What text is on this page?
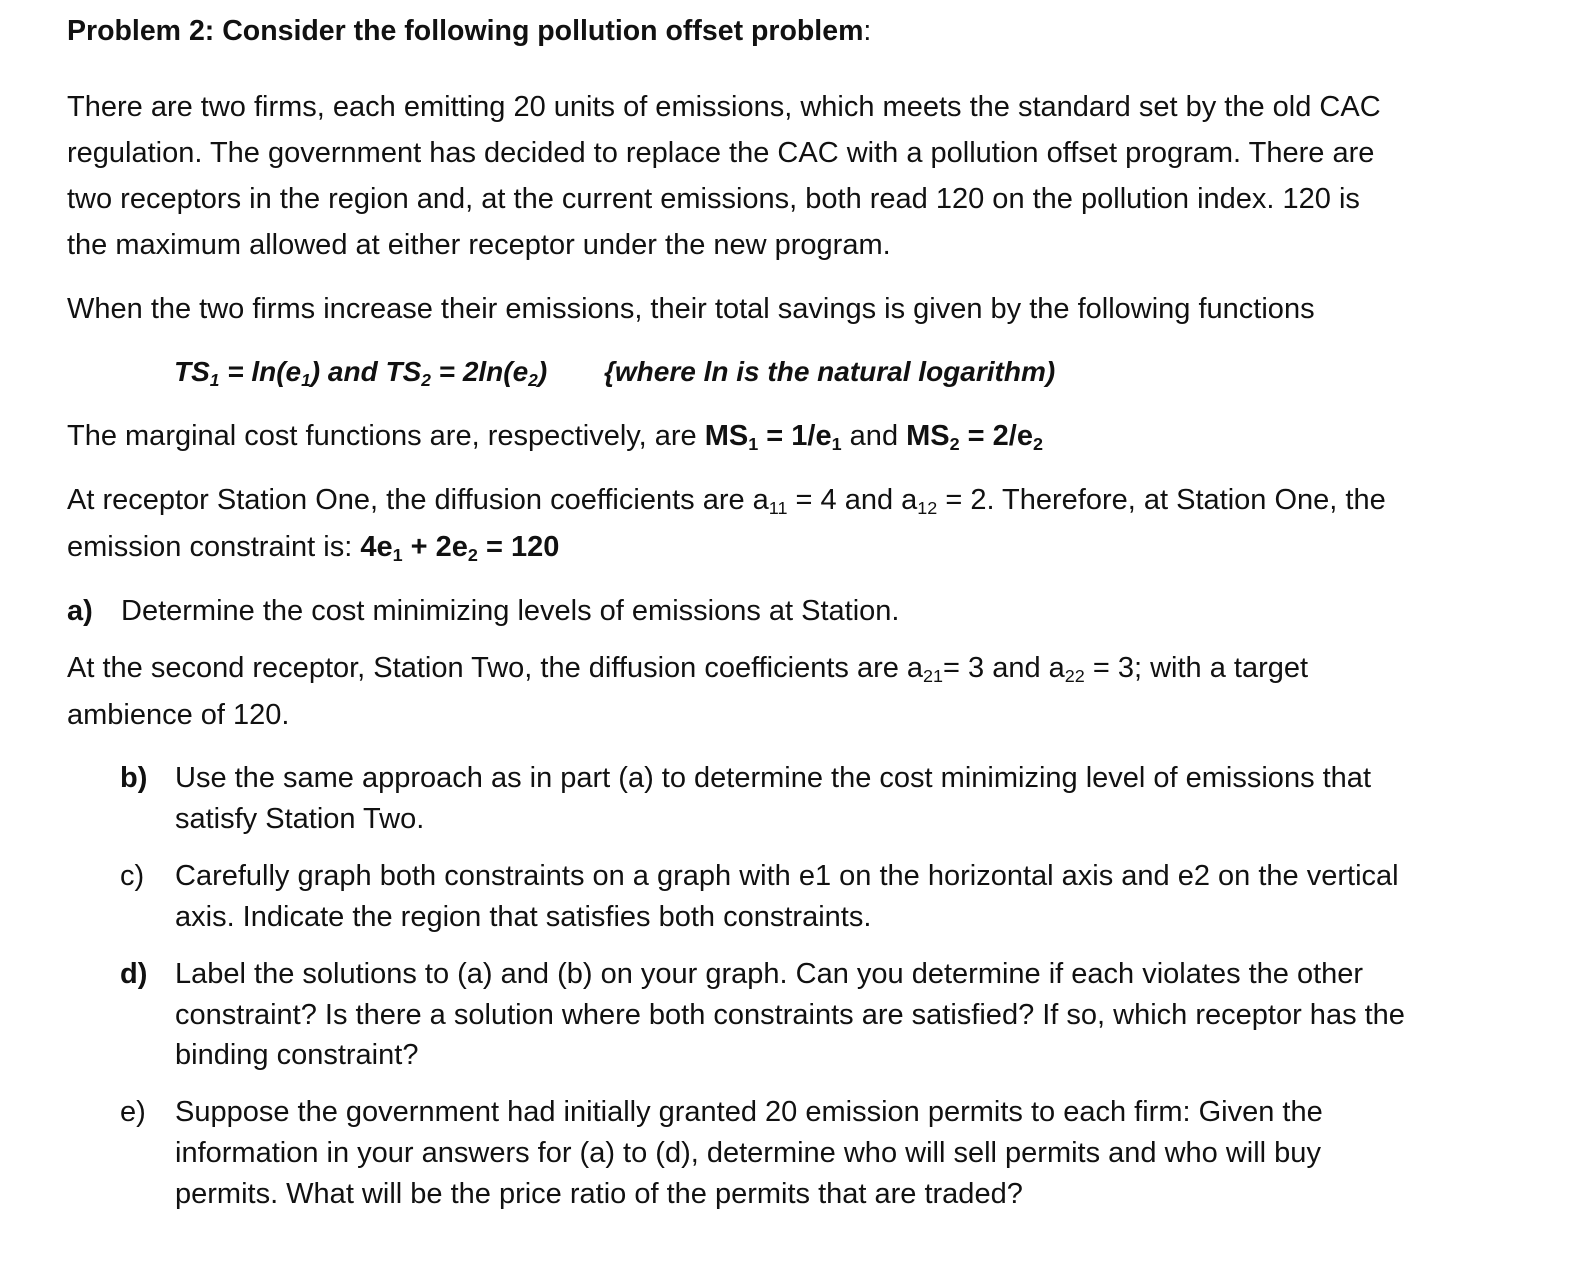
Problem 2: Consider the following pollution offset problem:
There are two firms, each emitting 20 units of emissions, which meets the standard set by the old CAC
regulation. The government has decided to replace the CAC with a pollution offset program. There are
two receptors in the region and, at the current emissions, both read 120 on the pollution index. 120 is
the maximum allowed at either receptor under the new program.
When the two firms increase their emissions, their total savings is given by the following functions
$TS_1 = \ln(e_1)$ and $TS_2 = 2\ln(e_2)$ {where ln is the natural logarithm)
The marginal cost functions are, respectively, are $MS_1 = 1/e_1$ and $MS_2 = 2/e_2$
At receptor Station One, the diffusion coefficients are $a_{11} = 4$ and $a_{12} = 2$. Therefore, at Station One, the
emission constraint is: $4e_1 + 2e_2 = 120$
a) Determine the cost minimizing levels of emissions at Station.
At the second receptor, Station Two, the diffusion coefficients are $a_{21}= 3$ and $a_{22} = 3$; with a target
ambience of 120.
b) Use the same approach as in part (a) to determine the cost minimizing level of emissions that
satisfy Station Two.
c) Carefully graph both constraints on a graph with e1 on the horizontal axis and e2 on the vertical
axis. Indicate the region that satisfies both constraints.
d) Label the solutions to (a) and (b) on your graph. Can you determine if each violates the other
constraint? Is there a solution where both constraints are satisfied? If so, which receptor has the
binding constraint?
e) Suppose the government had initially granted 20 emission permits to each firm: Given the
information in your answers for (a) to (d), determine who will sell permits and who will buy
permits. What will be the price ratio of the permits that are traded?
